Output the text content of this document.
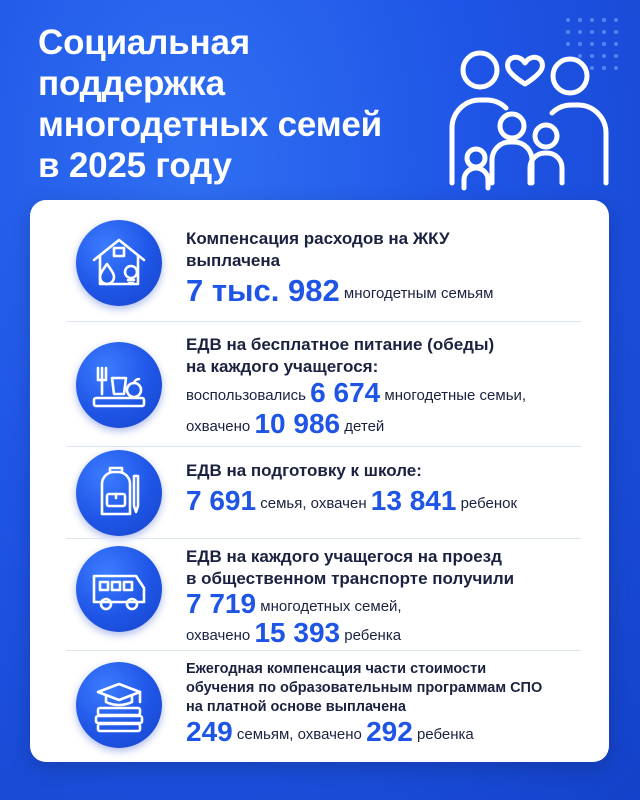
Социальная
поддержка
многодетных семей
в 2025 году
Компенсация расходов на ЖКУ
выплачена
7 тыс. 982 многодетным семьям
ЕДВ на бесплатное питание (обеды)
на каждого учащегося:
воспользовались 6 674 многодетные семьи,
охвачено 10 986 детей
ЕДВ на подготовку к школе:
7 691 семья, охвачен 13 841 ребенок
ЕДВ на каждого учащегося на проезд
в общественном транспорте получили
7 719 многодетных семей,
охвачено 15 393 ребенка
Ежегодная компенсация части стоимости
обучения по образовательным программам СПО
на платной основе выплачена
249 семьям, охвачено 292 ребенка
